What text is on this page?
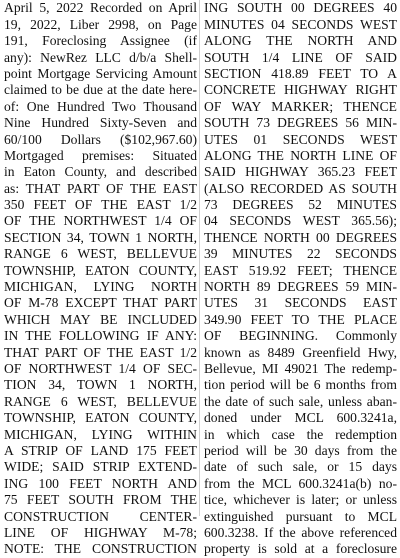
April 5, 2022 Recorded on April
19, 2022, Liber 2998, on Page
191, Foreclosing Assignee (if
any): NewRez LLC d/b/a Shell-
point Mortgage Servicing Amount
claimed to be due at the date here-
of: One Hundred Two Thousand
Nine Hundred Sixty-Seven and
60/100 Dollars ($102,967.60)
Mortgaged premises: Situated
in Eaton County, and described
as: THAT PART OF THE EAST
350 FEET OF THE EAST 1/2
OF THE NORTHWEST 1/4 OF
SECTION 34, TOWN 1 NORTH,
RANGE 6 WEST, BELLEVUE
TOWNSHIP, EATON COUNTY,
MICHIGAN, LYING NORTH
OF M-78 EXCEPT THAT PART
WHICH MAY BE INCLUDED
IN THE FOLLOWING IF ANY:
THAT PART OF THE EAST 1/2
OF NORTHWEST 1/4 OF SEC-
TION 34, TOWN 1 NORTH,
RANGE 6 WEST, BELLEVUE
TOWNSHIP, EATON COUNTY,
MICHIGAN, LYING WITHIN
A STRIP OF LAND 175 FEET
WIDE; SAID STRIP EXTEND-
ING 100 FEET NORTH AND
75 FEET SOUTH FROM THE
CONSTRUCTION CENTER-
LINE OF HIGHWAY M-78;
NOTE: THE CONSTRUCTION
ING SOUTH 00 DEGREES 40
MINUTES 04 SECONDS WEST
ALONG THE NORTH AND
SOUTH 1/4 LINE OF SAID
SECTION 418.89 FEET TO A
CONCRETE HIGHWAY RIGHT
OF WAY MARKER; THENCE
SOUTH 73 DEGREES 56 MIN-
UTES 01 SECONDS WEST
ALONG THE NORTH LINE OF
SAID HIGHWAY 365.23 FEET
(ALSO RECORDED AS SOUTH
73 DEGREES 52 MINUTES
04 SECONDS WEST 365.56);
THENCE NORTH 00 DEGREES
39 MINUTES 22 SECONDS
EAST 519.92 FEET; THENCE
NORTH 89 DEGREES 59 MIN-
UTES 31 SECONDS EAST
349.90 FEET TO THE PLACE
OF BEGINNING. Commonly
known as 8489 Greenfield Hwy,
Bellevue, MI 49021 The redemp-
tion period will be 6 months from
the date of such sale, unless aban-
doned under MCL 600.3241a,
in which case the redemption
period will be 30 days from the
date of such sale, or 15 days
from the MCL 600.3241a(b) no-
tice, whichever is later; or unless
extinguished pursuant to MCL
600.3238. If the above referenced
property is sold at a foreclosure
